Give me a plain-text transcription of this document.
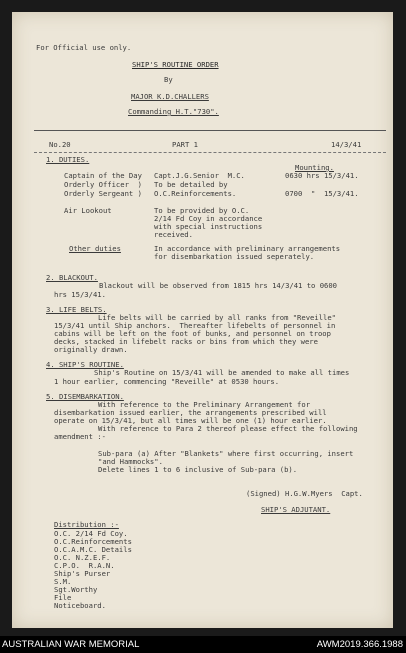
For Official use only.
SHIP'S ROUTINE ORDER
By
MAJOR K.D.CHALLERS
Commanding H.T."730".
No.20	PART 1	14/3/41
1. DUTIES.
Mounting.
Captain of the Day Capt.J.G.Senior  M.C.	0630 hrs 15/3/41.
Orderly Officer  ) To be detailed by
Orderly Sergeant ) O.C.Reinforcements.	0700  "  15/3/41.
Air Lookout	To be provided by O.C.
2/14 Fd Coy in accordance
with special instructions
received.
Other duties	In accordance with preliminary arrangements
for disembarkation issued seperately.
2. BLACKOUT.
Blackout will be observed from 1815 hrs 14/3/41 to 0600
hrs 15/3/41.
3. LIFE BELTS.
Life belts will be carried by all ranks from "Reveille"
15/3/41 until Ship anchors.  Thereafter lifebelts of personnel in
cabins will be left on the foot of bunks, and personnel on troop
decks, stacked in lifebelt racks or bins from which they were
originally drawn.
4. SHIP'S ROUTINE.
Ship's Routine on 15/3/41 will be amended to make all times
1 hour earlier, commencing "Reveille" at 0530 hours.
5. DISEMBARKATION.
With reference to the Preliminary Arrangement for
disembarkation issued earlier, the arrangements prescribed will
operate on 15/3/41, but all times will be one (1) hour earlier.
With reference to Para 2 thereof please effect the following
amendment :-
Sub-para (a) After "Blankets" where first occurring, insert
"and Hammocks".
Delete lines 1 to 6 inclusive of Sub-para (b).
(Signed) H.G.W.Myers  Capt.
SHIP'S ADJUTANT.
Distribution :-
O.C. 2/14 Fd Coy.
O.C.Reinforcements
O.C.A.M.C. Details
O.C. N.Z.E.F.
C.P.O.  R.A.N.
Ship's Purser
S.M.
Sgt.Worthy
File
Noticeboard.
AUSTRALIAN WAR MEMORIAL	AWM2019.366.1988
